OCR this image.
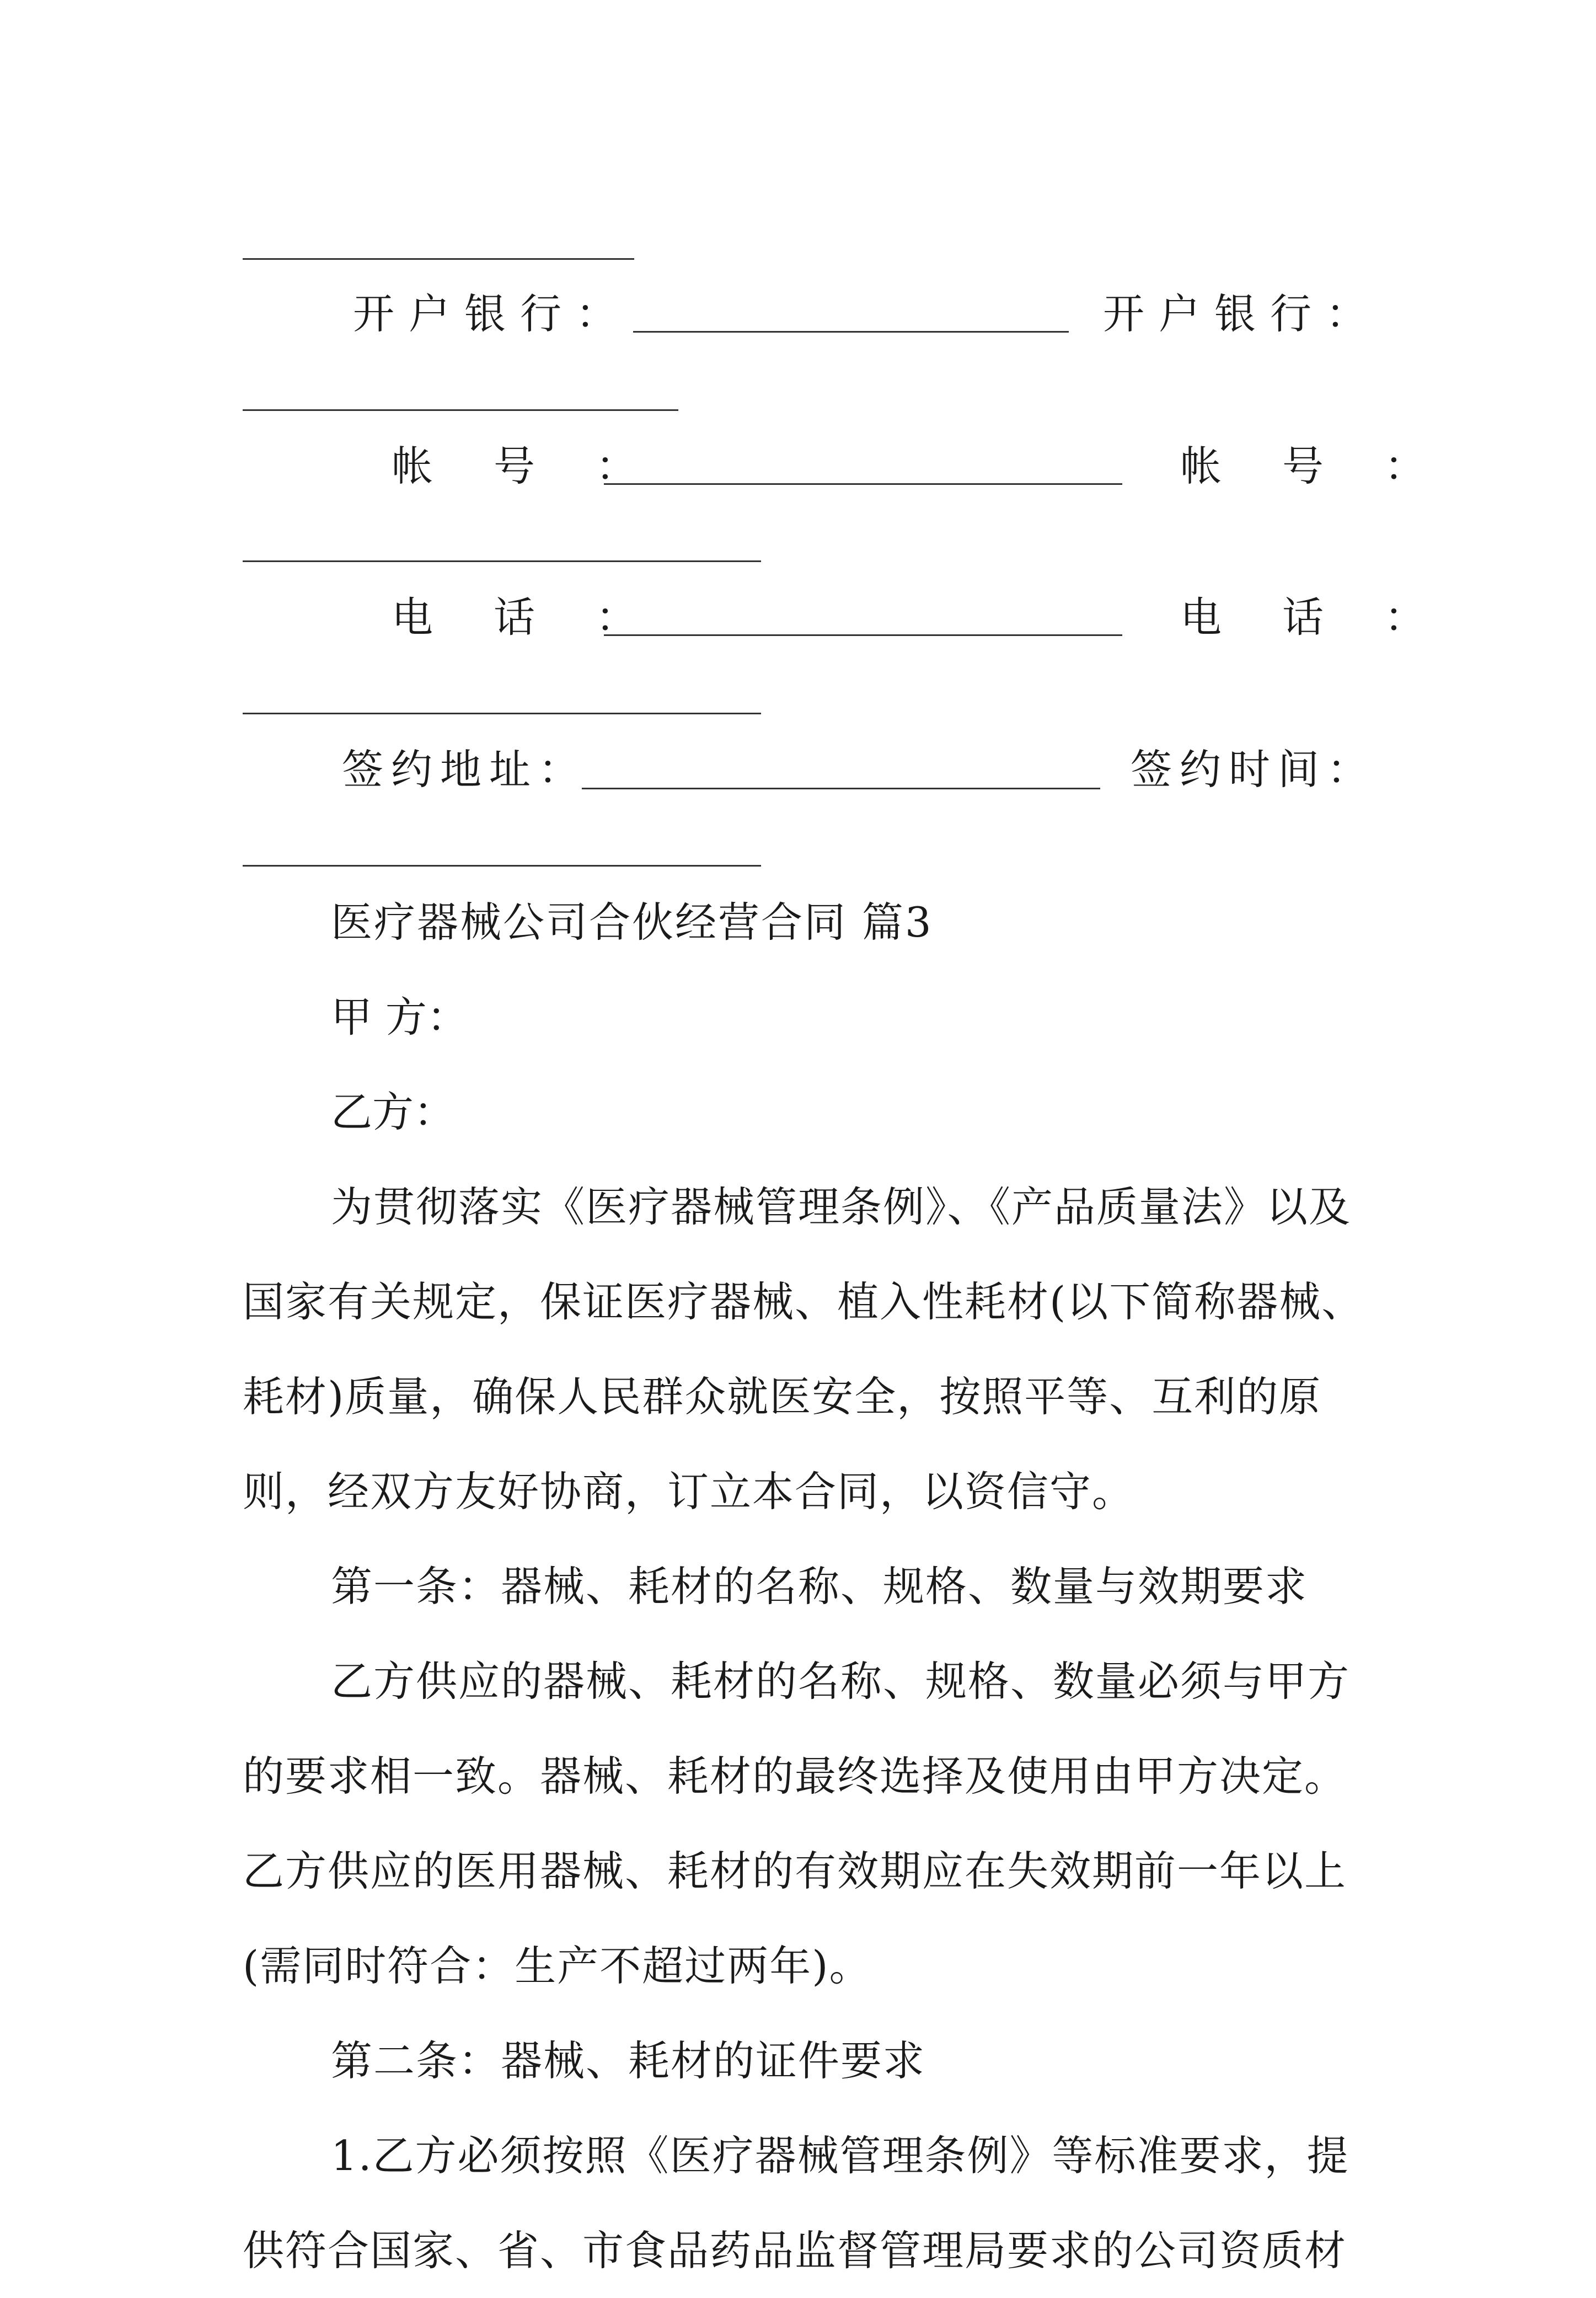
开户银行：	开户银行：
帐号：	帐号：
电话：	电话：
签约地址：	签约时间：
医疗器械公司合伙经营合同 篇3
甲 方：
乙方：
为贯彻落实《医疗器械管理条例》、《产品质量法》以及
国家有关规定，保证医疗器械、植入性耗材(以下简称器械、
耗材)质量，确保人民群众就医安全，按照平等、互利的原
则，经双方友好协商，订立本合同，以资信守。
第一条：器械、耗材的名称、规格、数量与效期要求
乙方供应的器械、耗材的名称、规格、数量必须与甲方
的要求相一致。器械、耗材的最终选择及使用由甲方决定。
乙方供应的医用器械、耗材的有效期应在失效期前一年以上
(需同时符合：生产不超过两年)。
第二条：器械、耗材的证件要求
1.乙方必须按照《医疗器械管理条例》等标准要求，提
供符合国家、省、市食品药品监督管理局要求的公司资质材
